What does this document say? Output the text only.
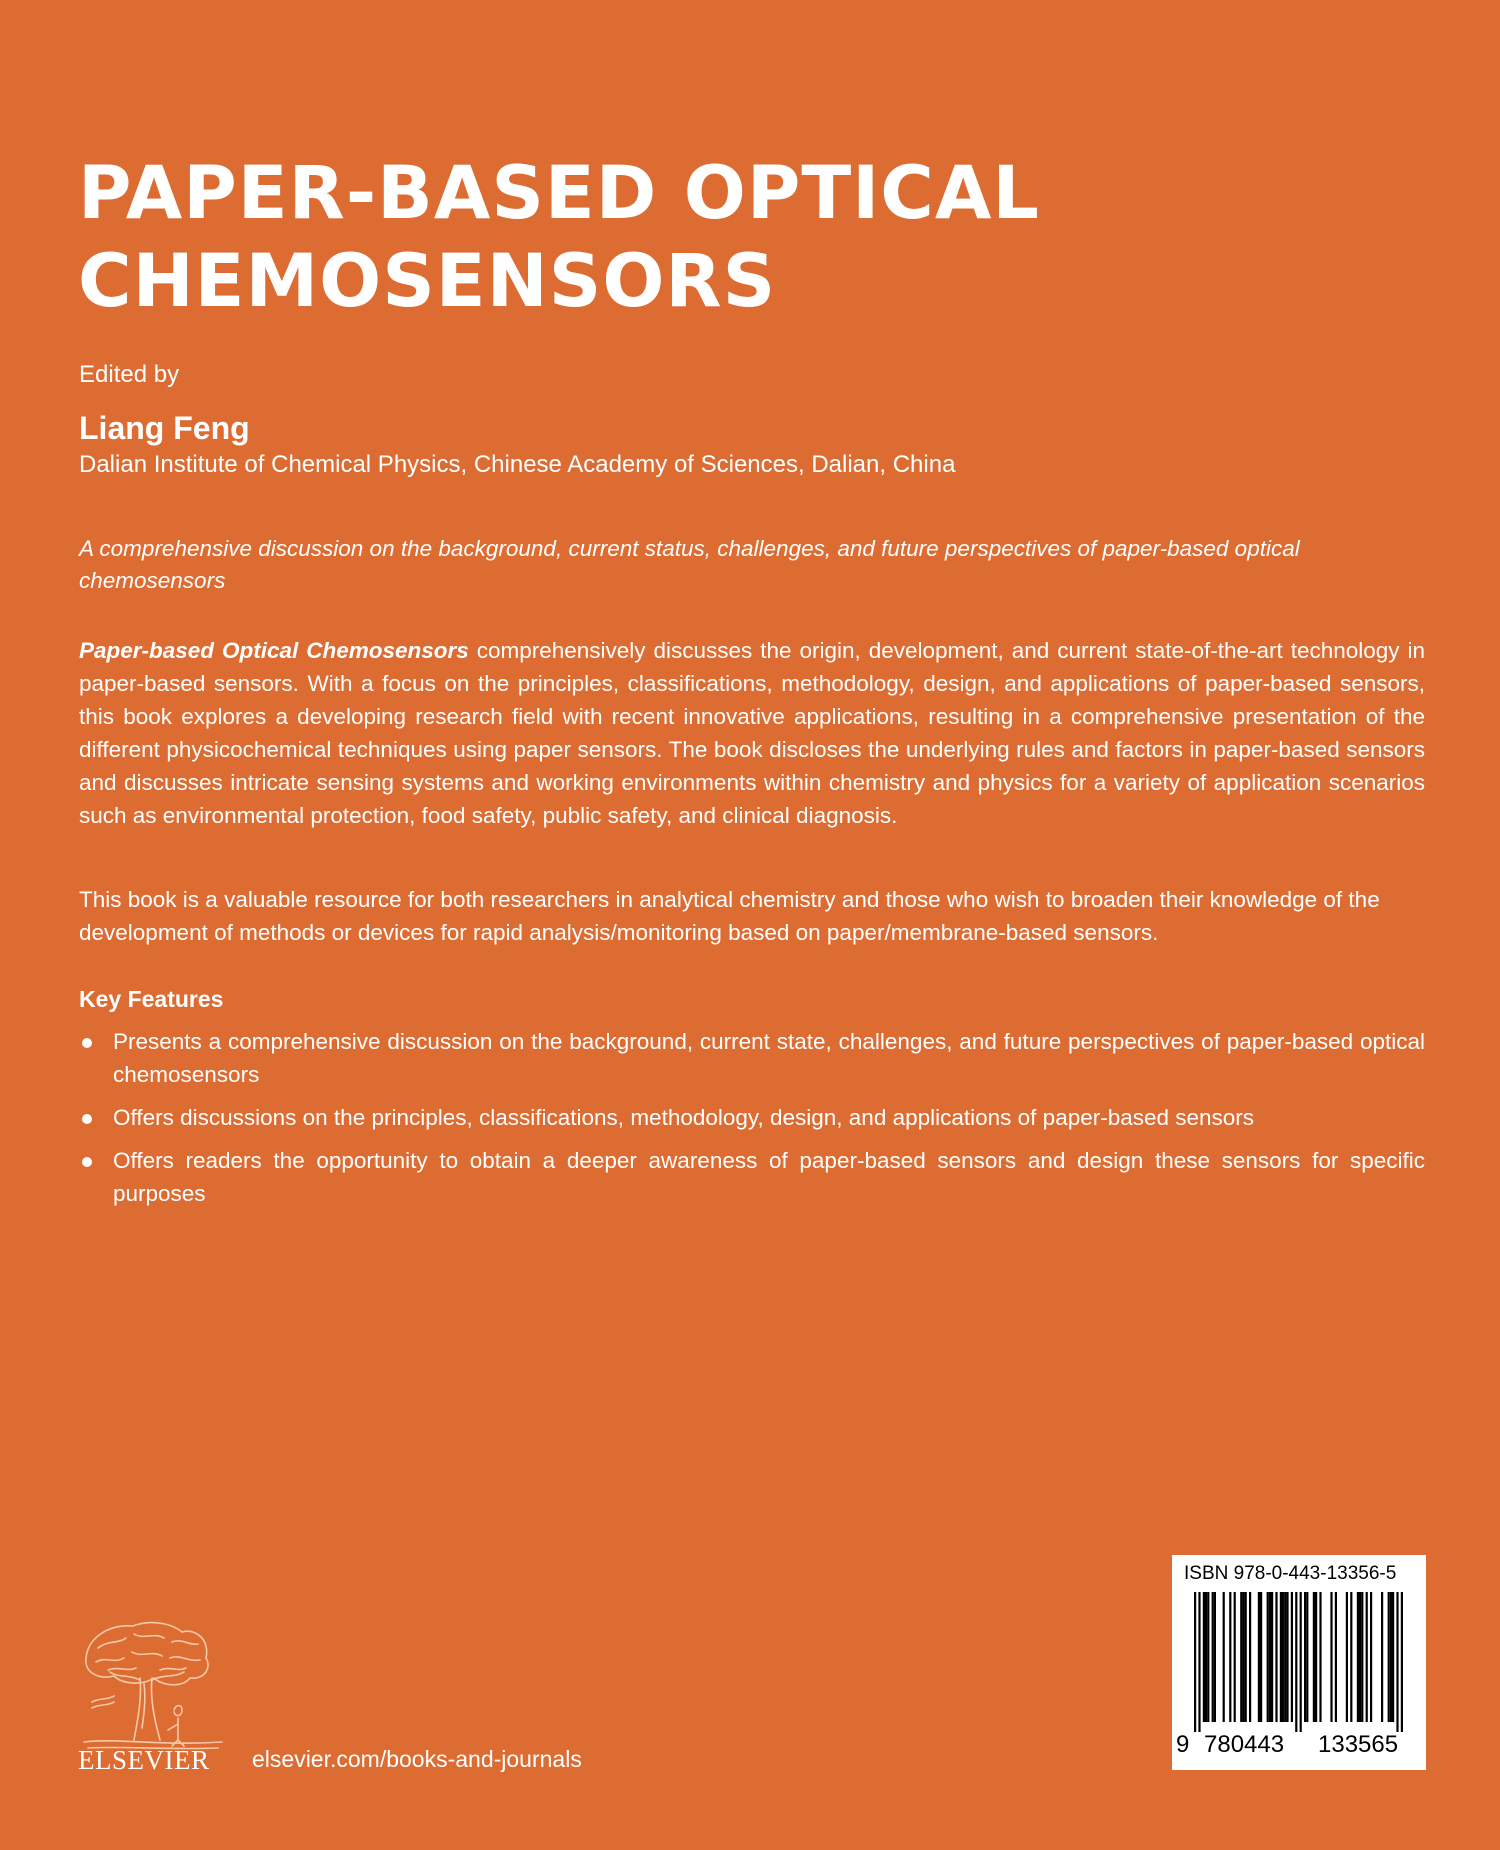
PAPER-BASED OPTICAL
CHEMOSENSORS
Edited by
Liang Feng
Dalian Institute of Chemical Physics, Chinese Academy of Sciences, Dalian, China

A comprehensive discussion on the background, current status, challenges, and future perspectives of paper-based optical chemosensors

Paper-based Optical Chemosensors comprehensively discusses the origin, development, and current state-of-the-art technology in paper-based sensors. With a focus on the principles, classifications, methodology, design, and applications of paper-based sensors, this book explores a developing research field with recent innovative applications, resulting in a comprehensive presentation of the different physicochemical techniques using paper sensors. The book discloses the underlying rules and factors in paper-based sensors and discusses intricate sensing systems and working environments within chemistry and physics for a variety of application scenarios such as environmental protection, food safety, public safety, and clinical diagnosis.

This book is a valuable resource for both researchers in analytical chemistry and those who wish to broaden their knowledge of the development of methods or devices for rapid analysis/monitoring based on paper/membrane-based sensors.

Key Features
Presents a comprehensive discussion on the background, current state, challenges, and future perspectives of paper-based optical chemosensors
Offers discussions on the principles, classifications, methodology, design, and applications of paper-based sensors
Offers readers the opportunity to obtain a deeper awareness of paper-based sensors and design these sensors for specific purposes
ELSEVIER elsevier.com/books-and-journals
ISBN 978-0-443-13356-5
9 780443 133565
